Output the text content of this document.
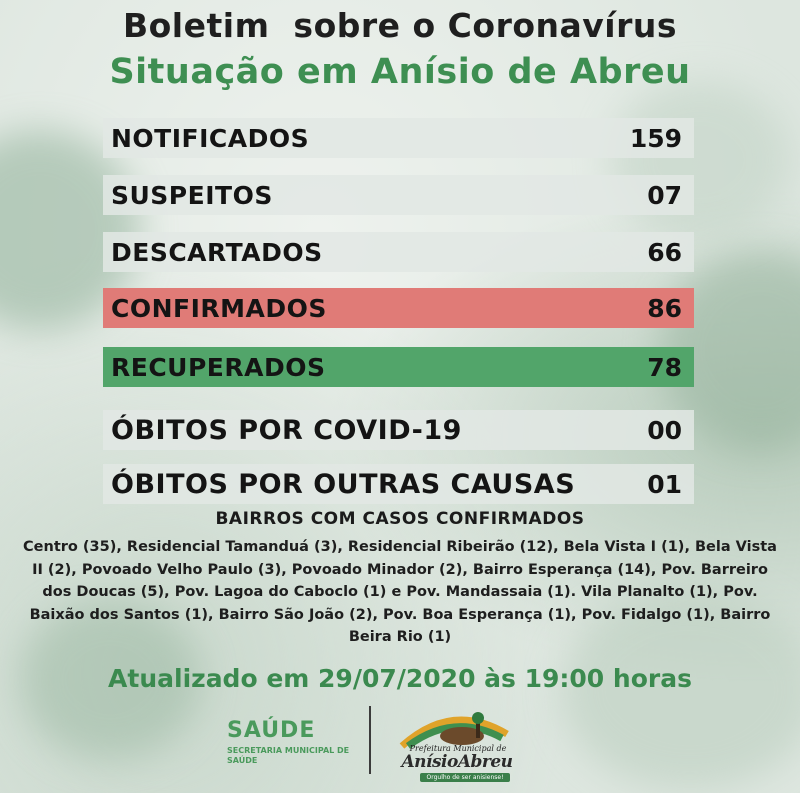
Boletim  sobre o Coronavírus
Situação em Anísio de Abreu
NOTIFICADOS	159
SUSPEITOS	07
DESCARTADOS	66
CONFIRMADOS	86
RECUPERADOS	78
ÓBITOS POR COVID-19	00
ÓBITOS POR OUTRAS CAUSAS	01
BAIRROS COM CASOS CONFIRMADOS
Centro (35), Residencial Tamanduá (3), Residencial Ribeirão (12), Bela Vista I (1), Bela Vista II (2), Povoado Velho Paulo (3), Povoado Minador (2), Bairro Esperança (14), Pov. Barreiro dos Doucas (5), Pov. Lagoa do Caboclo (1) e Pov. Mandassaia (1). Vila Planalto (1), Pov. Baixão dos Santos (1), Bairro São João (2), Pov. Boa Esperança (1), Pov. Fidalgo (1), Bairro Beira Rio (1)
Atualizado em 29/07/2020 às 19:00 horas
SAÚDE
SECRETARIA MUNICIPAL DE SAÚDE
Prefeitura Municipal de
AnísioAbreu
Orgulho de ser anisiense!
